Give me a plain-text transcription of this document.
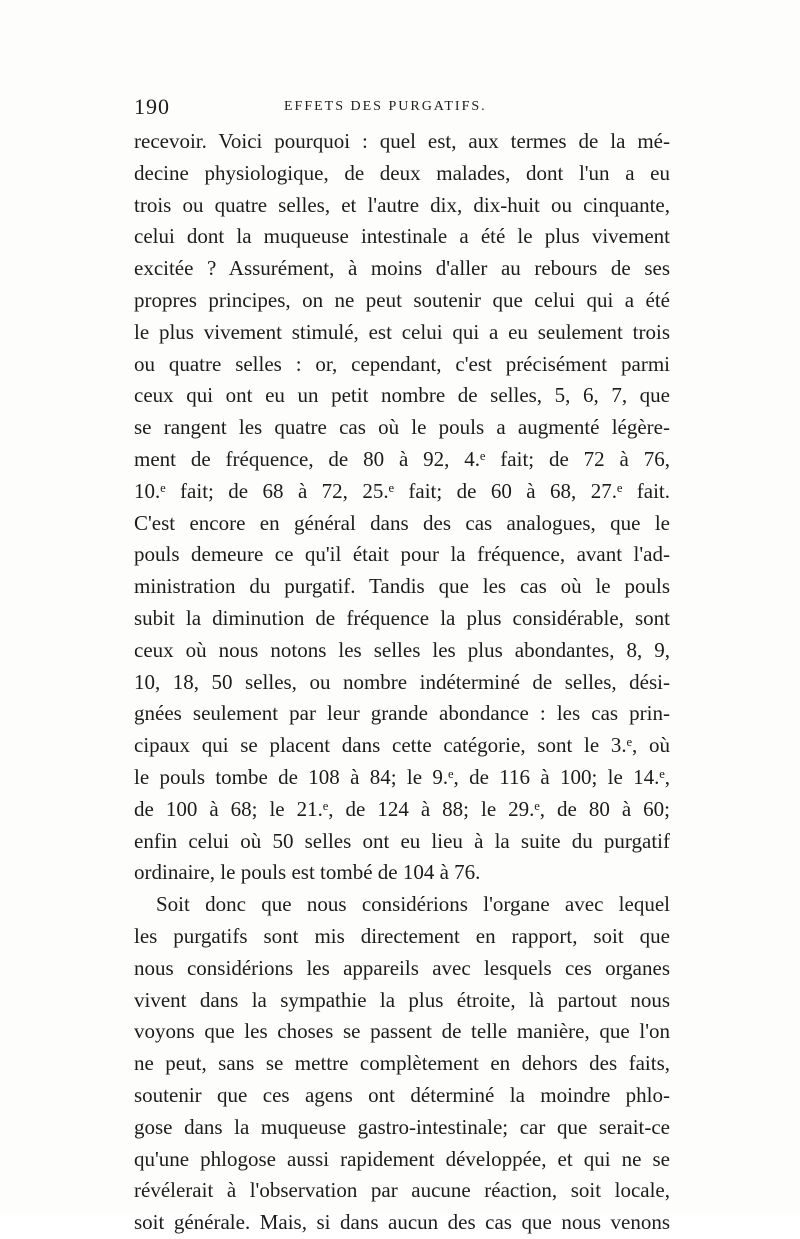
190	EFFETS DES PURGATIFS.
recevoir. Voici pourquoi : quel est, aux termes de la mé-
decine physiologique, de deux malades, dont l'un a eu
trois ou quatre selles, et l'autre dix, dix-huit ou cinquante,
celui dont la muqueuse intestinale a été le plus vivement
excitée ? Assurément, à moins d'aller au rebours de ses
propres principes, on ne peut soutenir que celui qui a été
le plus vivement stimulé, est celui qui a eu seulement trois
ou quatre selles : or, cependant, c'est précisément parmi
ceux qui ont eu un petit nombre de selles, 5, 6, 7, que
se rangent les quatre cas où le pouls a augmenté légère-
ment de fréquence, de 80 à 92, 4.ᵉ fait; de 72 à 76,
10.ᵉ fait; de 68 à 72, 25.ᵉ fait; de 60 à 68, 27.ᵉ fait.
C'est encore en général dans des cas analogues, que le
pouls demeure ce qu'il était pour la fréquence, avant l'ad-
ministration du purgatif. Tandis que les cas où le pouls
subit la diminution de fréquence la plus considérable, sont
ceux où nous notons les selles les plus abondantes, 8, 9,
10, 18, 50 selles, ou nombre indéterminé de selles, dési-
gnées seulement par leur grande abondance : les cas prin-
cipaux qui se placent dans cette catégorie, sont le 3.ᵉ, où
le pouls tombe de 108 à 84; le 9.ᵉ, de 116 à 100; le 14.ᵉ,
de 100 à 68; le 21.ᵉ, de 124 à 88; le 29.ᵉ, de 80 à 60;
enfin celui où 50 selles ont eu lieu à la suite du purgatif
ordinaire, le pouls est tombé de 104 à 76.
Soit donc que nous considérions l'organe avec lequel
les purgatifs sont mis directement en rapport, soit que
nous considérions les appareils avec lesquels ces organes
vivent dans la sympathie la plus étroite, là partout nous
voyons que les choses se passent de telle manière, que l'on
ne peut, sans se mettre complètement en dehors des faits,
soutenir que ces agens ont déterminé la moindre phlo-
gose dans la muqueuse gastro-intestinale; car que serait-ce
qu'une phlogose aussi rapidement développée, et qui ne se
révélerait à l'observation par aucune réaction, soit locale,
soit générale. Mais, si dans aucun des cas que nous venons
